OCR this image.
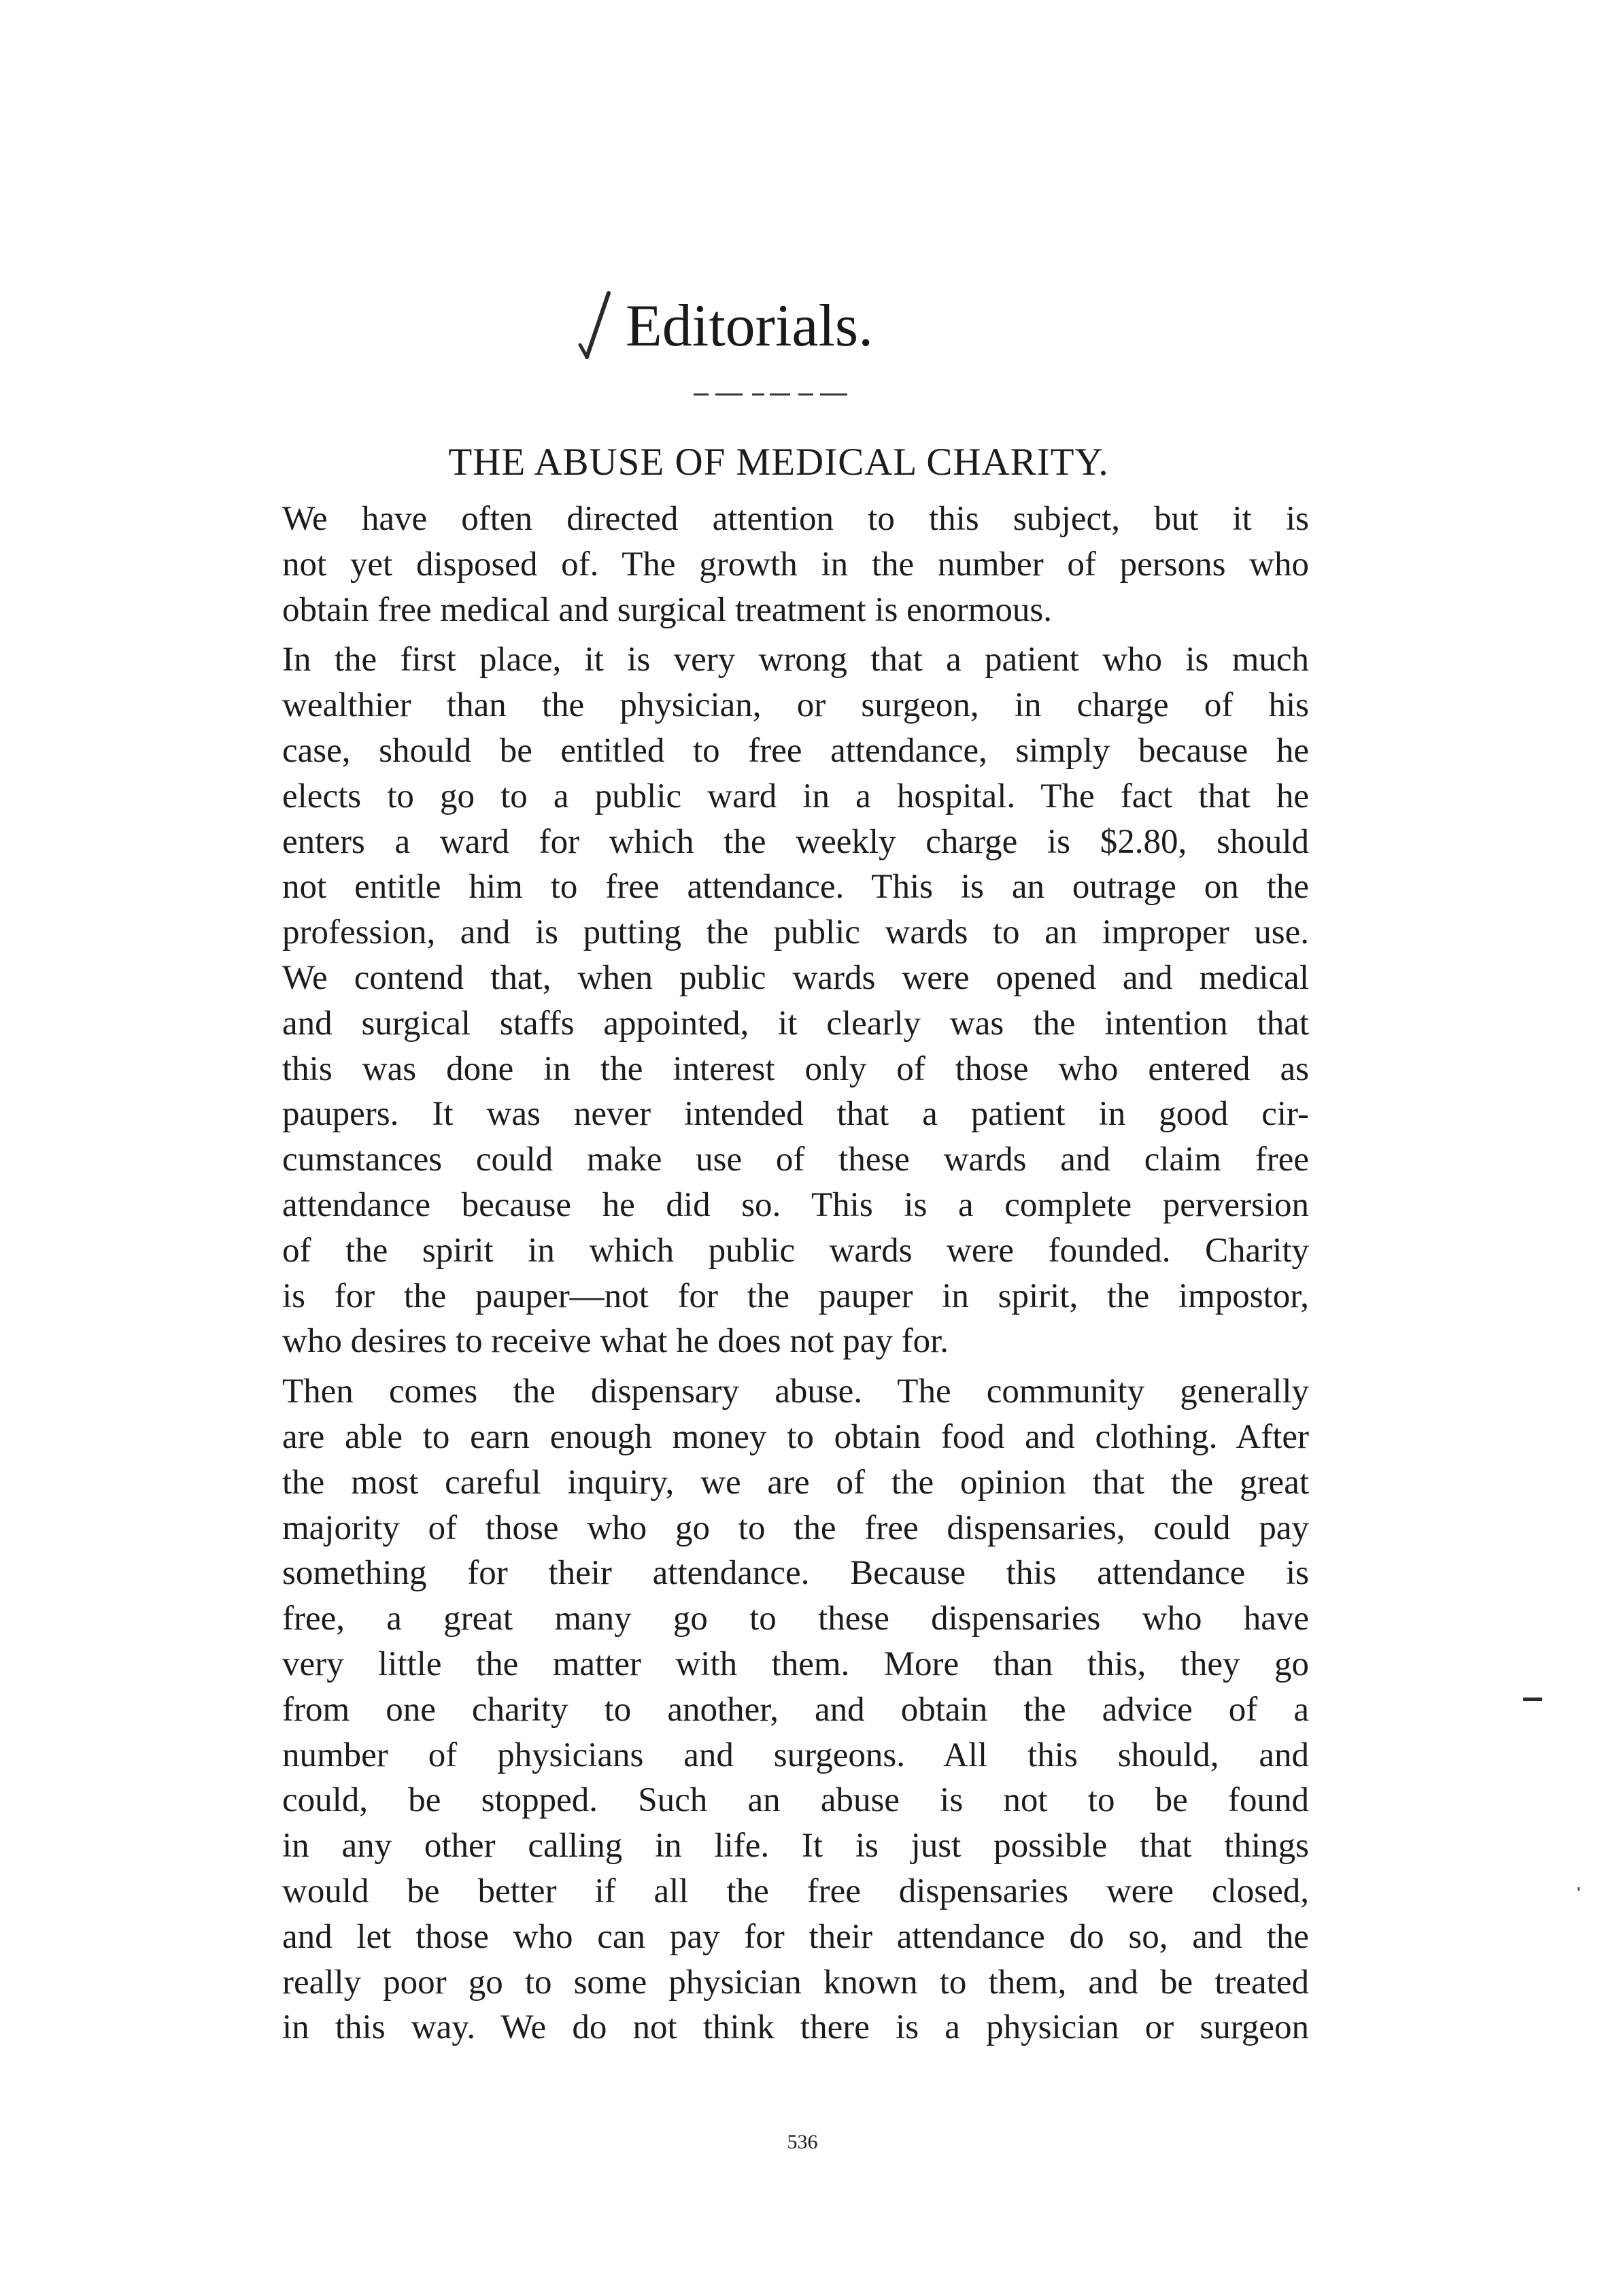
Editorials.
THE ABUSE OF MEDICAL CHARITY.
We have often directed attention to this subject, but it is
not yet disposed of. The growth in the number of persons who
obtain free medical and surgical treatment is enormous.
In the first place, it is very wrong that a patient who is much
wealthier than the physician, or surgeon, in charge of his
case, should be entitled to free attendance, simply because he
elects to go to a public ward in a hospital. The fact that he
enters a ward for which the weekly charge is $2.80, should
not entitle him to free attendance. This is an outrage on the
profession, and is putting the public wards to an improper use.
We contend that, when public wards were opened and medical
and surgical staffs appointed, it clearly was the intention that
this was done in the interest only of those who entered as
paupers. It was never intended that a patient in good cir-
cumstances could make use of these wards and claim free
attendance because he did so. This is a complete perversion
of the spirit in which public wards were founded. Charity
is for the pauper—not for the pauper in spirit, the impostor,
who desires to receive what he does not pay for.
Then comes the dispensary abuse. The community generally
are able to earn enough money to obtain food and clothing. After
the most careful inquiry, we are of the opinion that the great
majority of those who go to the free dispensaries, could pay
something for their attendance. Because this attendance is
free, a great many go to these dispensaries who have
very little the matter with them. More than this, they go
from one charity to another, and obtain the advice of a
number of physicians and surgeons. All this should, and
could, be stopped. Such an abuse is not to be found
in any other calling in life. It is just possible that things
would be better if all the free dispensaries were closed,
and let those who can pay for their attendance do so, and the
really poor go to some physician known to them, and be treated
in this way. We do not think there is a physician or surgeon
536
